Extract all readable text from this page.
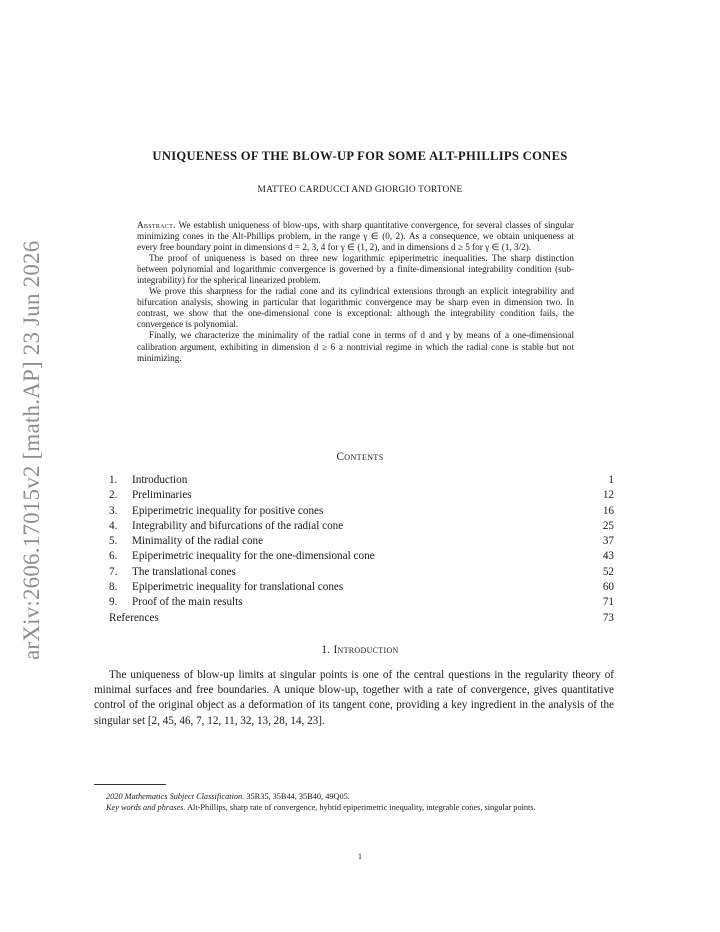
arXiv:2606.17015v2 [math.AP] 23 Jun 2026
UNIQUENESS OF THE BLOW-UP FOR SOME ALT-PHILLIPS CONES
MATTEO CARDUCCI AND GIORGIO TORTONE

Abstract. We establish uniqueness of blow-ups, with sharp quantitative convergence, for several classes of singular minimizing cones in the Alt-Phillips problem, in the range γ ∈ (0, 2). As a consequence, we obtain uniqueness at every free boundary point in dimensions d = 2, 3, 4 for γ ∈ (1, 2), and in dimensions d ≥ 5 for γ ∈ (1, 3/2).

The proof of uniqueness is based on three new logarithmic epiperimetric inequalities. The sharp distinction between polynomial and logarithmic convergence is governed by a finite-dimensional integrability condition (sub-integrability) for the spherical linearized problem.

We prove this sharpness for the radial cone and its cylindrical extensions through an explicit integrability and bifurcation analysis, showing in particular that logarithmic convergence may be sharp even in dimension two. In contrast, we show that the one-dimensional cone is exceptional: although the integrability condition fails, the convergence is polynomial.

Finally, we characterize the minimality of the radial cone in terms of d and γ by means of a one-dimensional calibration argument, exhibiting in dimension d ≥ 6 a nontrivial regime in which the radial cone is stable but not minimizing.

Contents
1. Introduction	1
2. Preliminaries	12
3. Epiperimetric inequality for positive cones	16
4. Integrability and bifurcations of the radial cone	25
5. Minimality of the radial cone	37
6. Epiperimetric inequality for the one-dimensional cone	43
7. The translational cones	52
8. Epiperimetric inequality for translational cones	60
9. Proof of the main results	71
References	73
1. Introduction

The uniqueness of blow-up limits at singular points is one of the central questions in the regularity theory of minimal surfaces and free boundaries. A unique blow-up, together with a rate of convergence, gives quantitative control of the original object as a deformation of its tangent cone, providing a key ingredient in the analysis of the singular set [2, 45, 46, 7, 12, 11, 32, 13, 28, 14, 23].

2020 Mathematics Subject Classification. 35R35, 35B44, 35B40, 49Q05.

Key words and phrases. Alt-Phillips, sharp rate of convergence, hybrid epiperimetric inequality, integrable cones, singular points.

1
